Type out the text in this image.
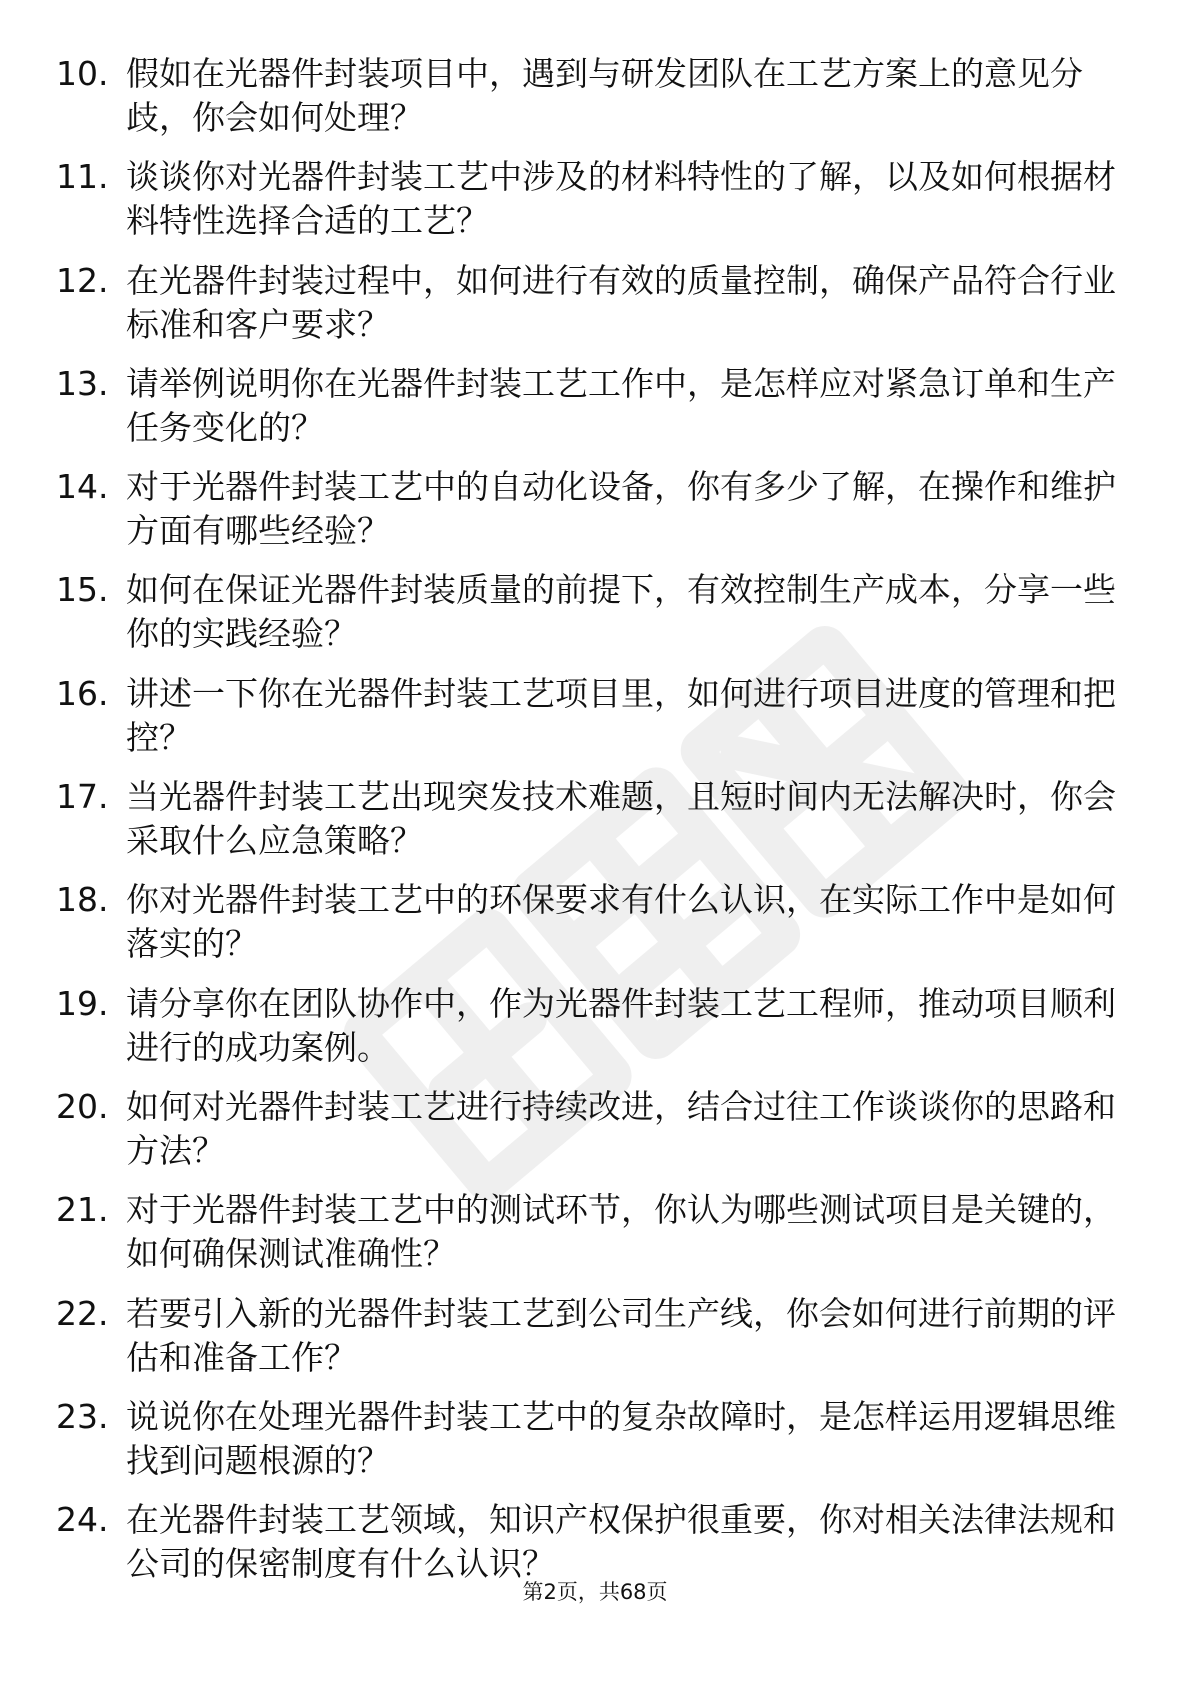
10. 假如在光器件封装项目中，遇到与研发团队在工艺方案上的意见分歧，你会如何处理？
11. 谈谈你对光器件封装工艺中涉及的材料特性的了解，以及如何根据材料特性选择合适的工艺？
12. 在光器件封装过程中，如何进行有效的质量控制，确保产品符合行业标准和客户要求？
13. 请举例说明你在光器件封装工艺工作中，是怎样应对紧急订单和生产任务变化的？
14. 对于光器件封装工艺中的自动化设备，你有多少了解，在操作和维护方面有哪些经验？
15. 如何在保证光器件封装质量的前提下，有效控制生产成本，分享一些你的实践经验？
16. 讲述一下你在光器件封装工艺项目里，如何进行项目进度的管理和把控？
17. 当光器件封装工艺出现突发技术难题，且短时间内无法解决时，你会采取什么应急策略？
18. 你对光器件封装工艺中的环保要求有什么认识，在实际工作中是如何落实的？
19. 请分享你在团队协作中，作为光器件封装工艺工程师，推动项目顺利进行的成功案例。
20. 如何对光器件封装工艺进行持续改进，结合过往工作谈谈你的思路和方法？
21. 对于光器件封装工艺中的测试环节，你认为哪些测试项目是关键的，如何确保测试准确性？
22. 若要引入新的光器件封装工艺到公司生产线，你会如何进行前期的评估和准备工作？
23. 说说你在处理光器件封装工艺中的复杂故障时，是怎样运用逻辑思维找到问题根源的？
24. 在光器件封装工艺领域，知识产权保护很重要，你对相关法律法规和公司的保密制度有什么认识？
第2页，共68页
